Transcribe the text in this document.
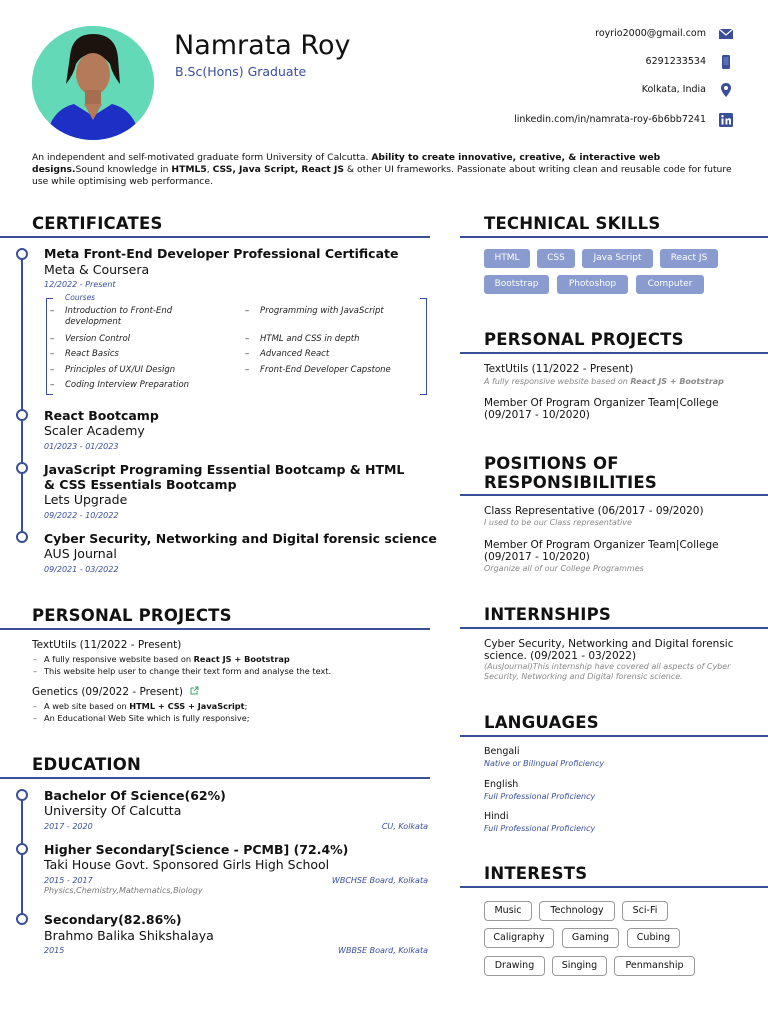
Namrata Roy
B.Sc(Hons) Graduate
royrio2000@gmail.com
6291233534
Kolkata, India
linkedin.com/in/namrata-roy-6b6bb7241
An independent and self-motivated graduate form University of Calcutta. Ability to create innovative, creative, & interactive web designs.Sound knowledge in HTML5, CSS, Java Script, React JS & other UI frameworks. Passionate about writing clean and reusable code for future use while optimising web performance.
CERTIFICATES
Meta Front-End Developer Professional Certificate
Meta & Coursera
12/2022 - Present
Courses
– Introduction to Front-End development
– Version Control
– React Basics
– Principles of UX/UI Design
– Coding Interview Preparation
– Programming with JavaScript
– HTML and CSS in depth
– Advanced React
– Front-End Developer Capstone
React Bootcamp
Scaler Academy
01/2023 - 01/2023
JavaScript Programing Essential Bootcamp & HTML & CSS Essentials Bootcamp
Lets Upgrade
09/2022 - 10/2022
Cyber Security, Networking and Digital forensic science
AUS Journal
09/2021 - 03/2022
PERSONAL PROJECTS
TextUtils (11/2022 - Present)
– A fully responsive website based on React JS + Bootstrap
– This website help user to change their text form and analyse the text.
Genetics (09/2022 - Present)
– A web site based on HTML + CSS + JavaScript;
– An Educational Web Site which is fully responsive;
EDUCATION
Bachelor Of Science(62%)
University Of Calcutta
2017 - 2020	CU, Kolkata
Higher Secondary[Science - PCMB] (72.4%)
Taki House Govt. Sponsored Girls High School
2015 - 2017	WBCHSE Board, Kolkata
Physics,Chemistry,Mathematics,Biology
Secondary(82.86%)
Brahmo Balika Shikshalaya
2015	WBBSE Board, Kolkata
TECHNICAL SKILLS
HTML	CSS	Java Script	React JS
Bootstrap	Photoshop	Computer
PERSONAL PROJECTS
TextUtils (11/2022 - Present)
A fully responsive website based on React JS + Bootstrap
Member Of Program Organizer Team|College (09/2017 - 10/2020)
POSITIONS OF RESPONSIBILITIES
Class Representative (06/2017 - 09/2020)
I used to be our Class representative
Member Of Program Organizer Team|College (09/2017 - 10/2020)
Organize all of our College Programmes
INTERNSHIPS
Cyber Security, Networking and Digital forensic science. (09/2021 - 03/2022)
(AusJournal)This internship have covered all aspects of Cyber Security, Networking and Digital forensic science.
LANGUAGES
Bengali
Native or Bilingual Proficiency
English
Full Professional Proficiency
Hindi
Full Professional Proficiency
INTERESTS
Music	Technology	Sci-Fi
Caligraphy	Gaming	Cubing
Drawing	Singing	Penmanship
